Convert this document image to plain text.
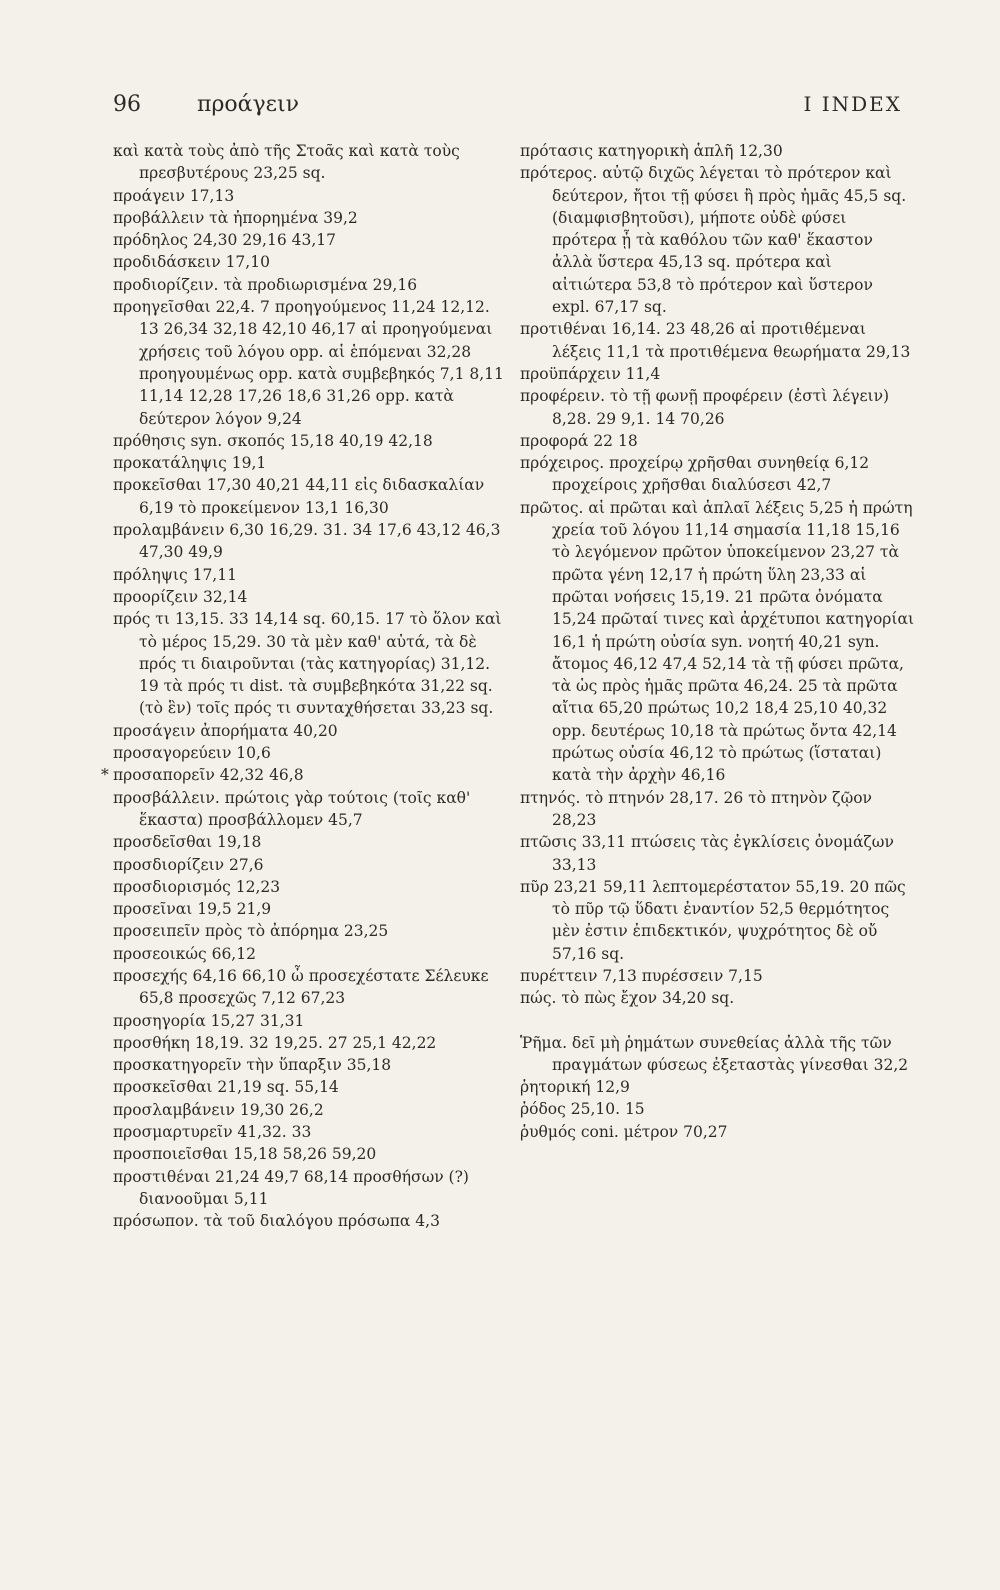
96	προάγειν	I INDEX
καὶ κατὰ τοὺς ἀπὸ τῆς Στοᾶς καὶ κατὰ τοὺς πρεσβυτέρους 23,25 sq.
προάγειν 17,13
προβάλλειν τὰ ἠπορημένα 39,2
πρόδηλος 24,30 29,16 43,17
προδιδάσκειν 17,10
προδιορίζειν. τὰ προδιωρισμένα 29,16
προηγεῖσθαι 22,4. 7 προηγούμενος 11,24 12,12. 13 26,34 32,18 42,10 46,17 αἱ προηγούμεναι χρήσεις τοῦ λόγου opp. αἱ ἑπόμεναι 32,28 προηγουμένως opp. κατὰ συμβεβηκός 7,1 8,11 11,14 12,28 17,26 18,6 31,26 opp. κατὰ δεύτερον λόγον 9,24
πρόθησις syn. σκοπός 15,18 40,19 42,18
προκατάληψις 19,1
προκεῖσθαι 17,30 40,21 44,11 εἰς διδασκαλίαν 6,19 τὸ προκείμενον 13,1 16,30
προλαμβάνειν 6,30 16,29. 31. 34 17,6 43,12 46,3 47,30 49,9
πρόληψις 17,11
προορίζειν 32,14
πρός τι 13,15. 33 14,14 sq. 60,15. 17 τὸ ὅλον καὶ τὸ μέρος 15,29. 30 τὰ μὲν καθ' αὑτά, τὰ δὲ πρός τι διαιροῦνται (τὰς κατηγορίας) 31,12. 19 τὰ πρός τι dist. τὰ συμβεβηκότα 31,22 sq. (τὸ ἓν) τοῖς πρός τι συνταχθήσεται 33,23 sq.
προσάγειν ἀπορήματα 40,20
προσαγορεύειν 10,6
* προσαπορεῖν 42,32 46,8
προσβάλλειν. πρώτοις γὰρ τούτοις (τοῖς καθ' ἕκαστα) προσβάλλομεν 45,7
προσδεῖσθαι 19,18
προσδιορίζειν 27,6
προσδιορισμός 12,23
προσεῖναι 19,5 21,9
προσειπεῖν πρὸς τὸ ἀπόρημα 23,25
προσεοικώς 66,12
προσεχής 64,16 66,10 ὦ προσεχέστατε Σέλευκε 65,8 προσεχῶς 7,12 67,23
προσηγορία 15,27 31,31
προσθήκη 18,19. 32 19,25. 27 25,1 42,22
προσκατηγορεῖν τὴν ὕπαρξιν 35,18
προσκεῖσθαι 21,19 sq. 55,14
προσλαμβάνειν 19,30 26,2
προσμαρτυρεῖν 41,32. 33
προσποιεῖσθαι 15,18 58,26 59,20
προστιθέναι 21,24 49,7 68,14 προσθήσων (?) διανοοῦμαι 5,11
πρόσωπον. τὰ τοῦ διαλόγου πρόσωπα 4,3
πρότασις κατηγορικὴ ἁπλῆ 12,30
πρότερος. αὐτῷ διχῶς λέγεται τὸ πρότερον καὶ δεύτερον, ἤτοι τῇ φύσει ἢ πρὸς ἡμᾶς 45,5 sq. (διαμφισβητοῦσι), μήποτε οὐδὲ φύσει πρότερα ᾖ τὰ καθόλου τῶν καθ' ἕκαστον ἀλλὰ ὕστερα 45,13 sq. πρότερα καὶ αἰτιώτερα 53,8 τὸ πρότερον καὶ ὕστερον expl. 67,17 sq.
προτιθέναι 16,14. 23 48,26 αἱ προτιθέμεναι λέξεις 11,1 τὰ προτιθέμενα θεωρήματα 29,13
προϋπάρχειν 11,4
προφέρειν. τὸ τῇ φωνῇ προφέρειν (ἐστὶ λέγειν) 8,28. 29 9,1. 14 70,26
προφορά 22 18
πρόχειρος. προχείρῳ χρῆσθαι συνηθείᾳ 6,12 προχείροις χρῆσθαι διαλύσεσι 42,7
πρῶτος. αἱ πρῶται καὶ ἁπλαῖ λέξεις 5,25 ἡ πρώτη χρεία τοῦ λόγου 11,14 σημασία 11,18 15,16 τὸ λεγόμενον πρῶτον ὑποκείμενον 23,27 τὰ πρῶτα γένη 12,17 ἡ πρώτη ὕλη 23,33 αἱ πρῶται νοήσεις 15,19. 21 πρῶτα ὀνόματα 15,24 πρῶταί τινες καὶ ἀρχέτυποι κατηγορίαι 16,1 ἡ πρώτη οὐσία syn. νοητή 40,21 syn. ἄτομος 46,12 47,4 52,14 τὰ τῇ φύσει πρῶτα, τὰ ὡς πρὸς ἡμᾶς πρῶτα 46,24. 25 τὰ πρῶτα αἴτια 65,20 πρώτως 10,2 18,4 25,10 40,32 opp. δευτέρως 10,18 τὰ πρώτως ὄντα 42,14 πρώτως οὐσία 46,12 τὸ πρώτως (ἵσταται) κατὰ τὴν ἀρχὴν 46,16
πτηνός. τὸ πτηνόν 28,17. 26 τὸ πτηνὸν ζῷον 28,23
πτῶσις 33,11 πτώσεις τὰς ἐγκλίσεις ὀνομάζων 33,13
πῦρ 23,21 59,11 λεπτομερέστατον 55,19. 20 πῶς τὸ πῦρ τῷ ὕδατι ἐναντίον 52,5 θερμότητος μὲν ἐστιν ἐπιδεκτικόν, ψυχρότητος δὲ οὔ 57,16 sq.
πυρέττειν 7,13 πυρέσσειν 7,15
πώς. τὸ πὼς ἔχον 34,20 sq.
Ῥῆμα. δεῖ μὴ ῥημάτων συνεθείας ἀλλὰ τῆς τῶν πραγμάτων φύσεως ἐξεταστὰς γίνεσθαι 32,2
ῥητορική 12,9
ῥόδος 25,10. 15
ῥυθμός coni. μέτρον 70,27
